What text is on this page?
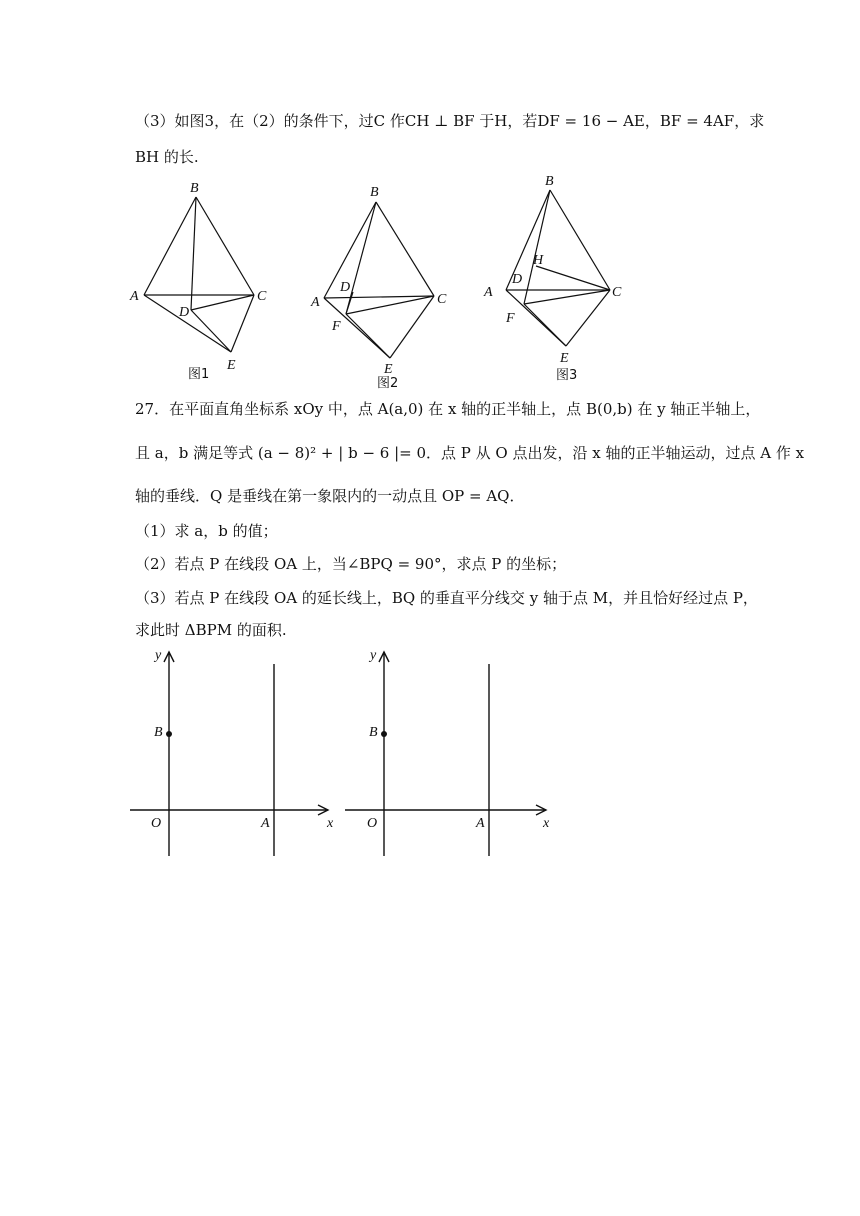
（3）如图3，在（2）的条件下，过C 作CH ⊥ BF 于H，若DF = 16 − AE，BF = 4AF，求
BH 的长.
B
A	C
D
E
图1
B
A	C
D
F
E
图2
B
H
A	C
D
F
E
图3
27．在平面直角坐标系 xOy 中，点 A(a,0) 在 x 轴的正半轴上，点 B(0,b) 在 y 轴正半轴上，
且 a，b 满足等式 (a − 8)² + | b − 6 |= 0．点 P 从 O 点出发，沿 x 轴的正半轴运动，过点 A 作 x
轴的垂线．Q 是垂线在第一象限内的一动点且 OP = AQ．
（1）求 a，b 的值；
（2）若点 P 在线段 OA 上，当∠BPQ = 90°，求点 P 的坐标；
（3）若点 P 在线段 OA 的延长线上，BQ 的垂直平分线交 y 轴于点 M，并且恰好经过点 P，
求此时 ΔBPM 的面积.
y
B
O	A	x
y
B
O	A	x
